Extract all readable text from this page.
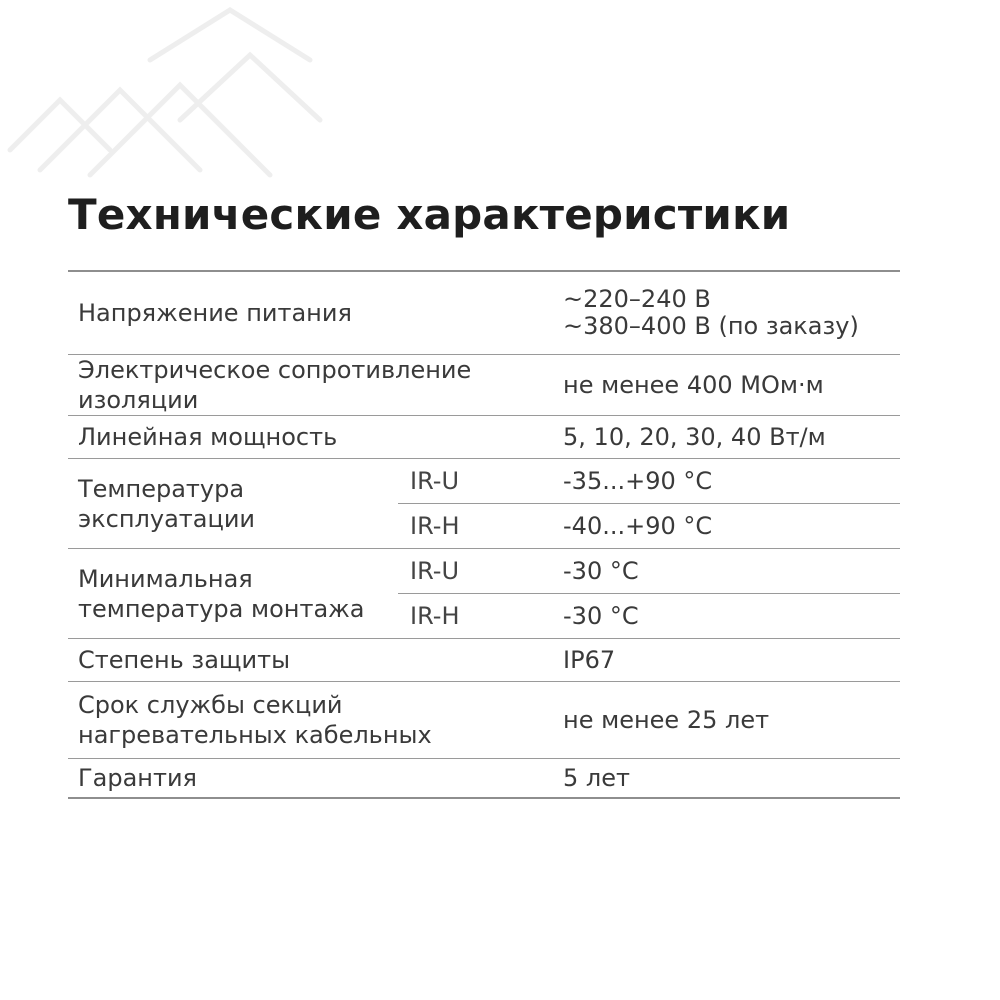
Технические характеристики
Напряжение питания		~220–240 В
~380–400 В (по заказу)

Электрическое сопротивление
изоляции		не менее 400 МОм·м
Линейная мощность		5, 10, 20, 30, 40 Вт/м

Температура
эксплуатации	IR-U	-35...+90 °С
	IR-H	-40...+90 °С

Минимальная
температура монтажа	IR-U	-30 °С
	IR-H	-30 °С
Степень защиты		IP67

Срок службы секций
нагревательных кабельных		не менее 25 лет
Гарантия		5 лет
